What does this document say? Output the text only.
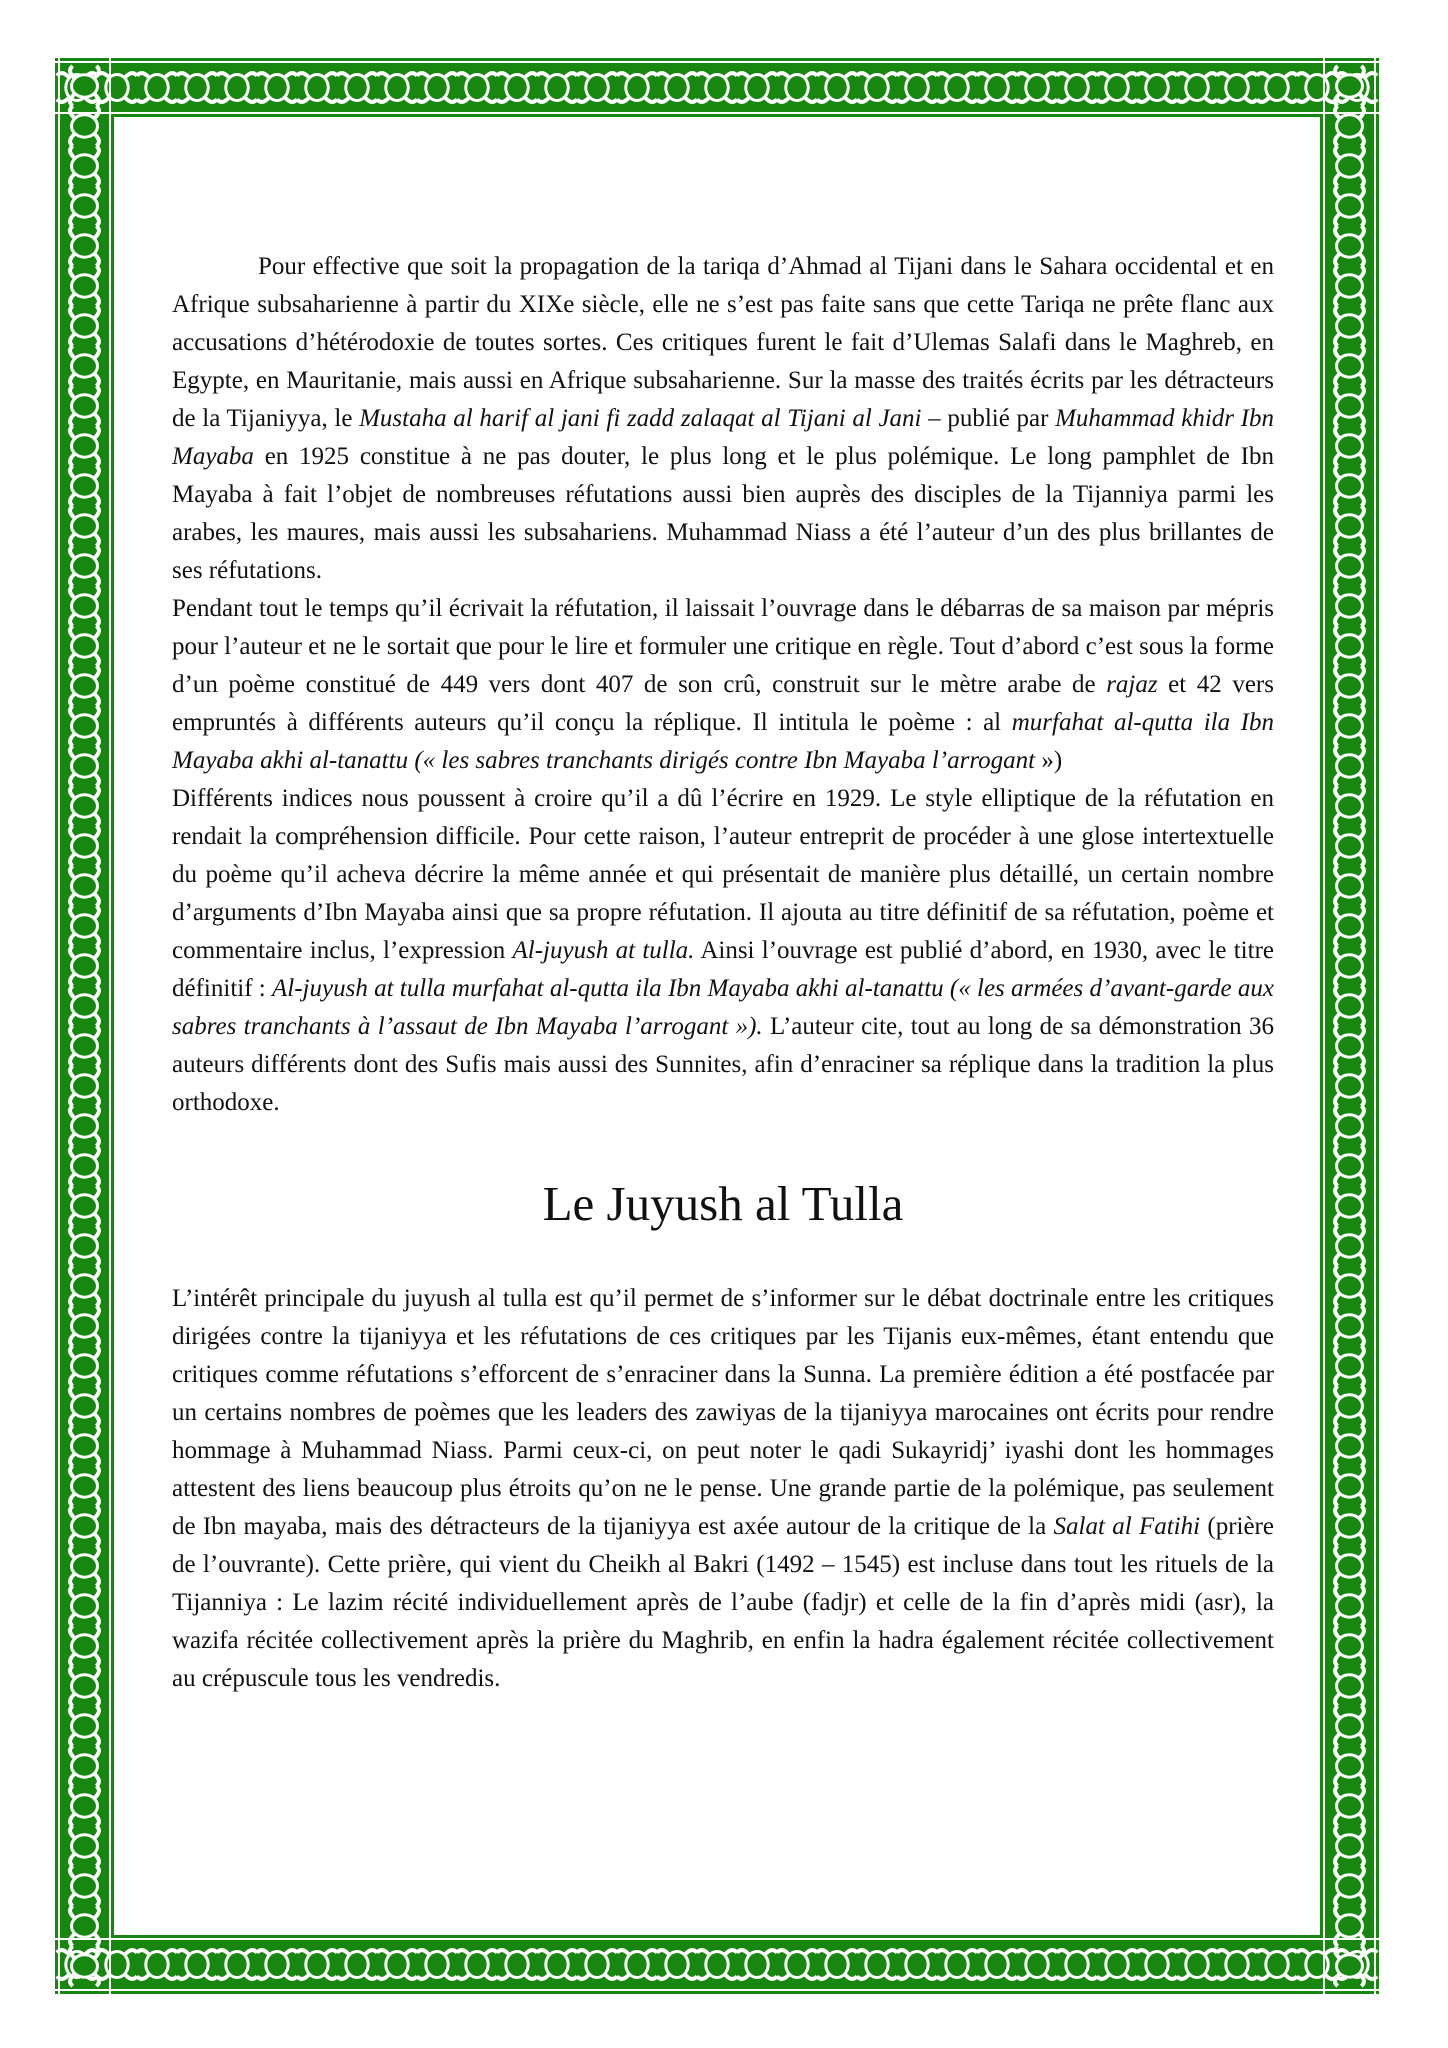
Pour effective que soit la propagation de la tariqa d’Ahmad al Tijani dans le Sahara occidental et en Afrique subsaharienne à partir du XIXe siècle, elle ne s’est pas faite sans que cette Tariqa ne prête flanc aux accusations d’hétérodoxie de toutes sortes. Ces critiques furent le fait d’Ulemas Salafi dans le Maghreb, en Egypte, en Mauritanie, mais aussi en Afrique subsaharienne. Sur la masse des traités écrits par les détracteurs de la Tijaniyya, le Mustaha al harif al jani fi zadd zalaqat al Tijani al Jani – publié par Muhammad khidr Ibn Mayaba en 1925 constitue à ne pas douter, le plus long et le plus polémique. Le long pamphlet de Ibn Mayaba à fait l’objet de nombreuses réfutations aussi bien auprès des disciples de la Tijanniya parmi les arabes, les maures, mais aussi les subsahariens. Muhammad Niass a été l’auteur d’un des plus brillantes de ses réfutations.

Pendant tout le temps qu’il écrivait la réfutation, il laissait l’ouvrage dans le débarras de sa maison par mépris pour l’auteur et ne le sortait que pour le lire et formuler une critique en règle. Tout d’abord c’est sous la forme d’un poème constitué de 449 vers dont 407 de son crû, construit sur le mètre arabe de rajaz et 42 vers empruntés à différents auteurs qu’il conçu la réplique. Il intitula le poème : al murfahat al-qutta ila Ibn Mayaba akhi al-tanattu (« les sabres tranchants dirigés contre Ibn Mayaba l’arrogant »)

Différents indices nous poussent à croire qu’il a dû l’écrire en 1929. Le style elliptique de la réfutation en rendait la compréhension difficile. Pour cette raison, l’auteur entreprit de procéder à une glose intertextuelle du poème qu’il acheva décrire la même année et qui présentait de manière plus détaillé, un certain nombre d’arguments d’Ibn Mayaba ainsi que sa propre réfutation. Il ajouta au titre définitif de sa réfutation, poème et commentaire inclus, l’expression Al-juyush at tulla. Ainsi l’ouvrage est publié d’abord, en 1930, avec le titre définitif : Al-juyush at tulla murfahat al-qutta ila Ibn Mayaba akhi al-tanattu (« les armées d’avant-garde aux sabres tranchants à l’assaut de Ibn Mayaba l’arrogant »). L’auteur cite, tout au long de sa démonstration 36 auteurs différents dont des Sufis mais aussi des Sunnites, afin d’enraciner sa réplique dans la tradition la plus orthodoxe.

Le Juyush al Tulla

L’intérêt principale du juyush al tulla est qu’il permet de s’informer sur le débat doctrinale entre les critiques dirigées contre la tijaniyya et les réfutations de ces critiques par les Tijanis eux-mêmes, étant entendu que critiques comme réfutations s’efforcent de s’enraciner dans la Sunna. La première édition a été postfacée par un certains nombres de poèmes que les leaders des zawiyas de la tijaniyya marocaines ont écrits pour rendre hommage à Muhammad Niass. Parmi ceux-ci, on peut noter le qadi Sukayridj’ iyashi dont les hommages attestent des liens beaucoup plus étroits qu’on ne le pense. Une grande partie de la polémique, pas seulement de Ibn mayaba, mais des détracteurs de la tijaniyya est axée autour de la critique de la Salat al Fatihi (prière de l’ouvrante). Cette prière, qui vient du Cheikh al Bakri (1492 – 1545) est incluse dans tout les rituels de la Tijanniya : Le lazim récité individuellement après de l’aube (fadjr) et celle de la fin d’après midi (asr), la wazifa récitée collectivement après la prière du Maghrib, en enfin la hadra également récitée collectivement au crépuscule tous les vendredis.
